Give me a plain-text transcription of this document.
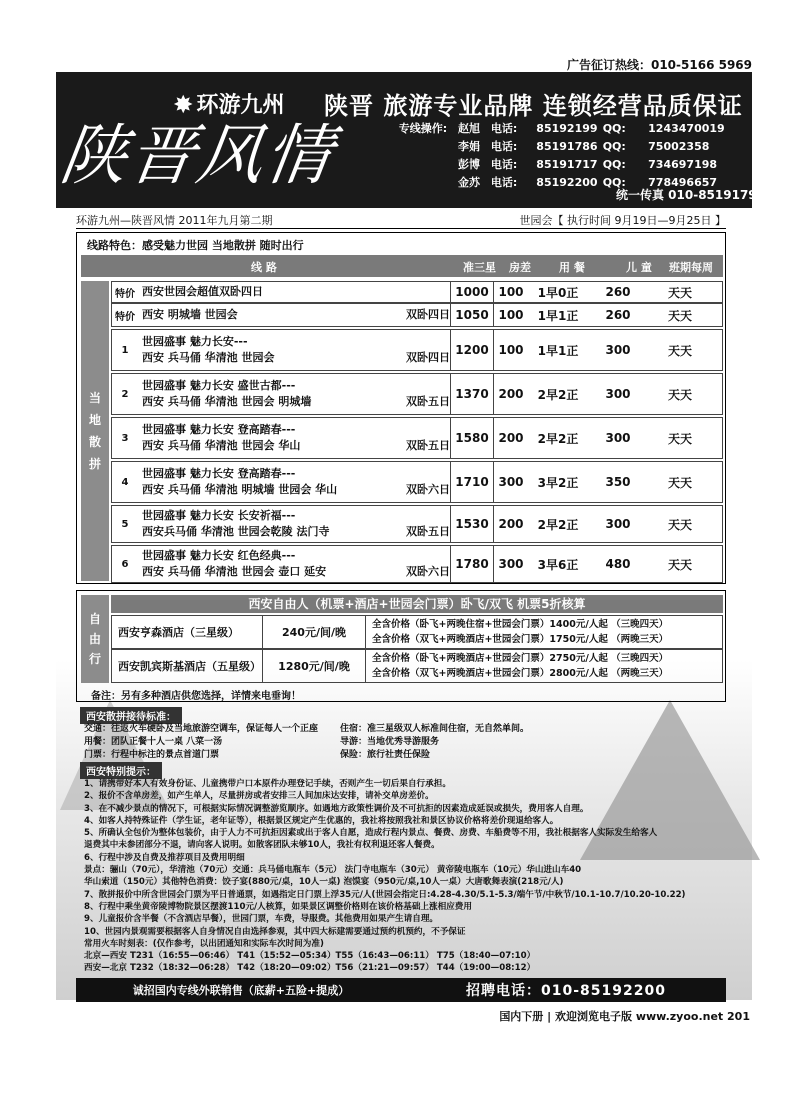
广告征订热线：010-5166 5969
✸ 环游九州 陕晋 旅游专业品牌 连锁经营品质保证
陕晋风情	专线操作: 赵旭 电话:	85192199 QQ:	1243470019
李娟 电话:	85191786 QQ:	75002358
彭博 电话:	85191717 QQ:	734697198
金苏 电话:	85192200 QQ:	778496657
统一传真 010-85191793
环游九州—陕晋风情 2011年九月第二期	世园会【 执行时间 9月19日—9月25日 】
线路特色：感受魅力世园 当地散拼 随时出行
线 路	准三星 房差	用 餐	儿 童 班期每周
当
地
散
拼
特价 西安世园会超值双卧四日	1000 100	1早0正	260	天天
特价 西安 明城墙 世园会	双卧四日 1050 100	1早1正	260	天天
1
世园盛事 魅力长安---
西安 兵马俑 华清池 世园会	双卧四日
1200 100	1早1正	300	天天
2
世园盛事 魅力长安 盛世古都---
西安 兵马俑 华清池 世园会 明城墙	双卧五日
1370 200	2早2正	300	天天
3
世园盛事 魅力长安 登高踏春---
西安 兵马俑 华清池 世园会 华山	双卧五日
1580 200	2早2正	300	天天
4
世园盛事 魅力长安 登高踏春---
西安 兵马俑 华清池 明城墙 世园会 华山	双卧六日
1710 300	3早2正	350	天天
5
世园盛事 魅力长安 长安祈福---
西安兵马俑 华清池 世园会乾陵 法门寺	双卧五日
1530 200	2早2正	300	天天
6
世园盛事 魅力长安 红色经典---
西安 兵马俑 华清池 世园会 壶口 延安	双卧六日
1780 300	3早6正	480	天天
自
由
行
西安自由人（机票+酒店+世园会门票）卧飞/双飞 机票5折核算
西安亨森酒店（三星级）	240元/间/晚
全含价格（卧飞+两晚住宿+世园会门票）1400元/人起 （三晚四天）
全含价格（双飞+两晚酒店+世园会门票）1750元/人起 （两晚三天）
西安凯宾斯基酒店（五星级）	1280元/间/晚
全含价格（卧飞+两晚酒店+世园会门票）2750元/人起 （三晚四天）
全含价格（双飞+两晚酒店+世园会门票）2800元/人起 （两晚三天）
备注：另有多种酒店供您选择，详情来电垂询！
西安散拼接待标准：
交通：往返火车硬卧及当地旅游空调车，保证每人一个正座	住宿：准三星级双人标准间住宿，无自然单间。
用餐：团队正餐十人一桌 八菜一汤	导游：当地优秀导游服务
门票：行程中标注的景点首道门票	保险：旅行社责任保险
西安特别提示：
1、请携带好本人有效身份证、儿童携带户口本原件办理登记手续，否则产生一切后果自行承担。
2、报价不含单房差，如产生单人，尽量拼房或者安排三人间加床达安排，请补交单房差价。
3、在不减少景点的情况下，可根据实际情况调整游览顺序。如遇地方政策性调价及不可抗拒的因素造成延误或损失，费用客人自理。
4、如客人持特殊证件（学生证，老年证等），根据景区规定产生优惠的，我社将按照我社和景区协议价格将差价现退给客人。
5、所确认全包价为整体包装价，由于人力不可抗拒因素或出于客人自愿，造成行程内景点、餐费、房费、车船费等不用，我社根据客人实际发生给客人
退费其中未参团部分不退，请向客人说明。如散客团队未够10人，我社有权利退还客人餐费。
6、行程中涉及自费及推荐项目及费用明细
景点：骊山（70元），华清池（70元）交通：兵马俑电瓶车（5元） 法门寺电瓶车（30元） 黄帝陵电瓶车（10元）华山进山车40
华山索道（150元）其他特色消费：饺子宴(880元/桌，10人一桌) 泡馍宴（950元/桌,10人一桌）大唐歌舞表演(218元/人)
7、散拼报价中所含世园会门票为平日普通票，如遇指定日门票上浮35元/人(世园会指定日:4.28-4.30/5.1-5.3/端午节/中秋节/10.1-10.7/10.20-10.22)
8、行程中乘坐黄帝陵博物院景区摆渡110元/人核算，如果景区调整价格则在该价格基础上涨相应费用
9、儿童报价含半餐（不含酒店早餐），世园门票，车费，导服费。其他费用如果产生请自理。
10、世园内景观需要根据客人自身情况自由选择参观，其中四大标建需要通过预约机预约，不予保证
常用火车时刻表：(仅作参考，以出团通知和实际车次时间为准)
北京—西安 T231（16:55—06:46） T41（15:52—05:34）T55（16:43—06:11） T75（18:40—07:10）
西安—北京 T232（18:32—06:28） T42（18:20—09:02）T56（21:21—09:57） T44（19:00—08:12）
诚招国内专线外联销售（底薪+五险+提成）	招聘电话：010-85192200
国内下册 | 欢迎浏览电子版 www.zyoo.net 201
